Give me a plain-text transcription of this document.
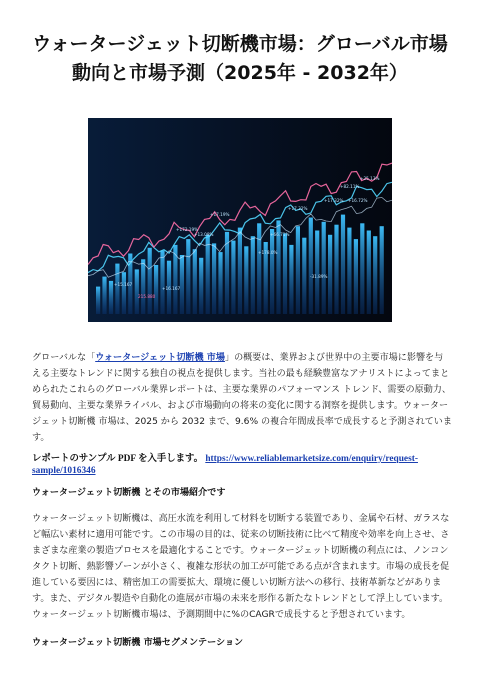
ウォータージェット切断機市場：グローバル市場動向と市場予測（2025年 - 2032年）
+172.19%
+17.32%
+178.0%
+66.71%
+17.19%
+16.72%
+17.32%
+25.13%
+82.11%
+15.167
+16.167
+13.08%
-31.89%
215.880
グローバルな「ウォータージェット切断機 市場」の概要は、業界および世界中の主要市場に影響を与える主要なトレンドに関する独自の視点を提供します。当社の最も経験豊富なアナリストによってまとめられたこれらのグローバル業界レポートは、主要な業界のパフォーマンス トレンド、需要の原動力、貿易動向、主要な業界ライバル、および市場動向の将来の変化に関する洞察を提供します。ウォータージェット切断機 市場は、2025 から 2032 まで、9.6% の複合年間成長率で成長すると予測されています。
レポートのサンプル PDF を入手します。 https://www.reliablemarketsize.com/enquiry/request-sample/1016346
ウォータージェット切断機 とその市場紹介です
ウォータージェット切断機は、高圧水流を利用して材料を切断する装置であり、金属や石材、ガラスなど幅広い素材に適用可能です。この市場の目的は、従来の切断技術に比べて精度や効率を向上させ、さまざまな産業の製造プロセスを最適化することです。ウォータージェット切断機の利点には、ノンコンタクト切断、熱影響ゾーンが小さく、複雑な形状の加工が可能である点が含まれます。市場の成長を促進している要因には、精密加工の需要拡大、環境に優しい切断方法への移行、技術革新などがあります。また、デジタル製造や自動化の進展が市場の未来を形作る新たなトレンドとして浮上しています。ウォータージェット切断機市場は、予測期間中に%のCAGRで成長すると予想されています。
ウォータージェット切断機 市場セグメンテーション
